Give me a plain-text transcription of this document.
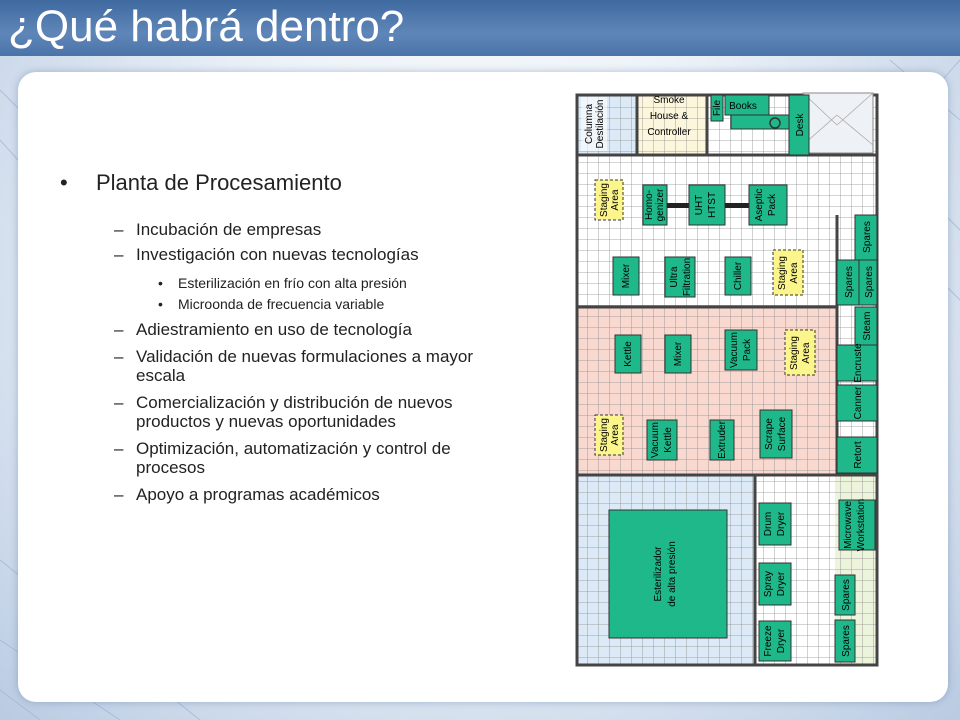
¿Qué habrá dentro?
• Planta de Procesamiento
– Incubación de empresas
– Investigación con nuevas tecnologías
• Esterilización en frío con alta presión
• Microonda de frecuencia variable
– Adiestramiento en uso de tecnología
– Validación de nuevas formulaciones a mayor escala
– Comercialización y distribución de nuevos productos y nuevas oportunidades
– Optimización, automatización y control de procesos
– Apoyo a programas académicos
Columna Destilación	Smoke
House &
Controller
File Books
Desk
Staging Area Homo- genizer	UHT HTST	Aseptic Pack
Mixer	Ultra Filtration	Chiller	Staging Area
Spares
Spares Spares
Steam
Encruste
Canner
Retort
Kettle	Mixer	Vacuum Pack	Staging Area
Staging Area	Vacuum Kettle	Extruder	Scrape Surface
Esterilizador de alta presión
Drum Dryer
Spray Dryer
Freeze Dryer
Microwave Workstation
Spares
Spares
